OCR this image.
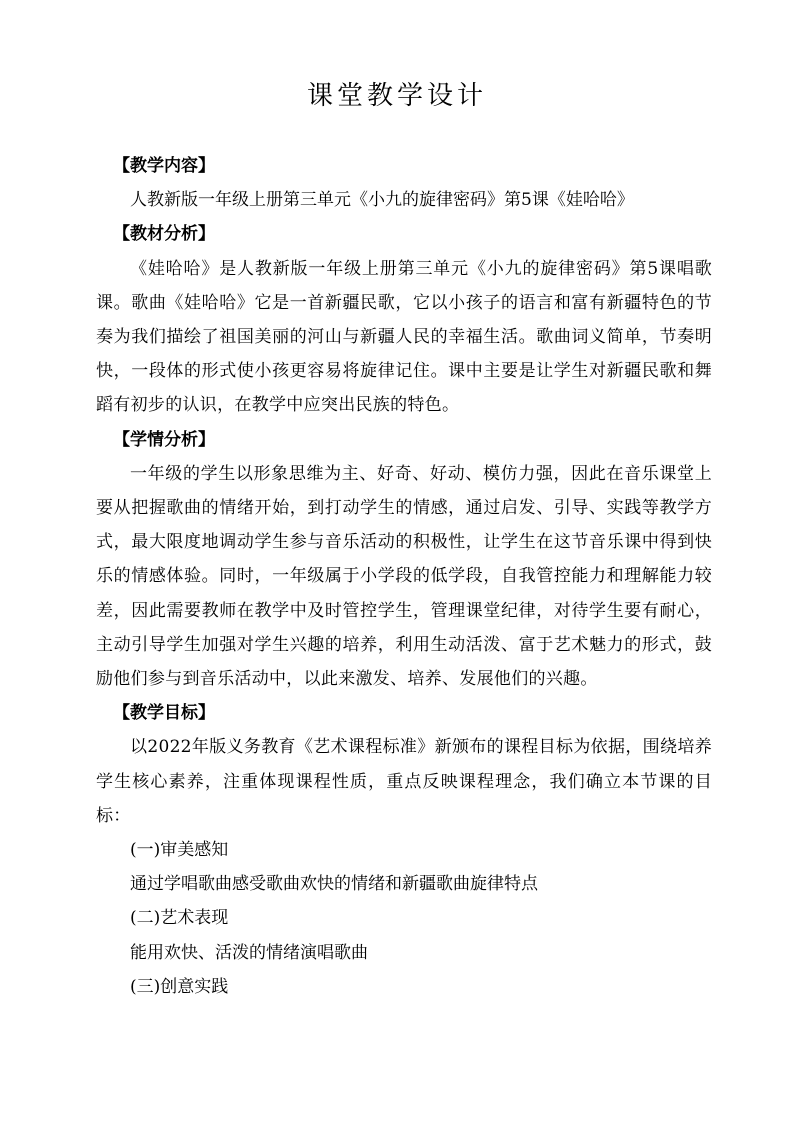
课堂教学设计

【教学内容】

人教新版一年级上册第三单元《小九的旋律密码》第5课《娃哈哈》

【教材分析】

《娃哈哈》是人教新版一年级上册第三单元《小九的旋律密码》第5课唱歌课。歌曲《娃哈哈》它是一首新疆民歌，它以小孩子的语言和富有新疆特色的节奏为我们描绘了祖国美丽的河山与新疆人民的幸福生活。歌曲词义简单，节奏明快，一段体的形式使小孩更容易将旋律记住。课中主要是让学生对新疆民歌和舞蹈有初步的认识，在教学中应突出民族的特色。

【学情分析】

一年级的学生以形象思维为主、好奇、好动、模仿力强，因此在音乐课堂上要从把握歌曲的情绪开始，到打动学生的情感，通过启发、引导、实践等教学方式，最大限度地调动学生参与音乐活动的积极性，让学生在这节音乐课中得到快乐的情感体验。同时，一年级属于小学段的低学段，自我管控能力和理解能力较差，因此需要教师在教学中及时管控学生，管理课堂纪律，对待学生要有耐心，主动引导学生加强对学生兴趣的培养，利用生动活泼、富于艺术魅力的形式，鼓励他们参与到音乐活动中，以此来激发、培养、发展他们的兴趣。

【教学目标】

以2022年版义务教育《艺术课程标准》新颁布的课程目标为依据，围绕培养学生核心素养，注重体现课程性质，重点反映课程理念，我们确立本节课的目标：

(一)审美感知

通过学唱歌曲感受歌曲欢快的情绪和新疆歌曲旋律特点

(二)艺术表现

能用欢快、活泼的情绪演唱歌曲

(三)创意实践
